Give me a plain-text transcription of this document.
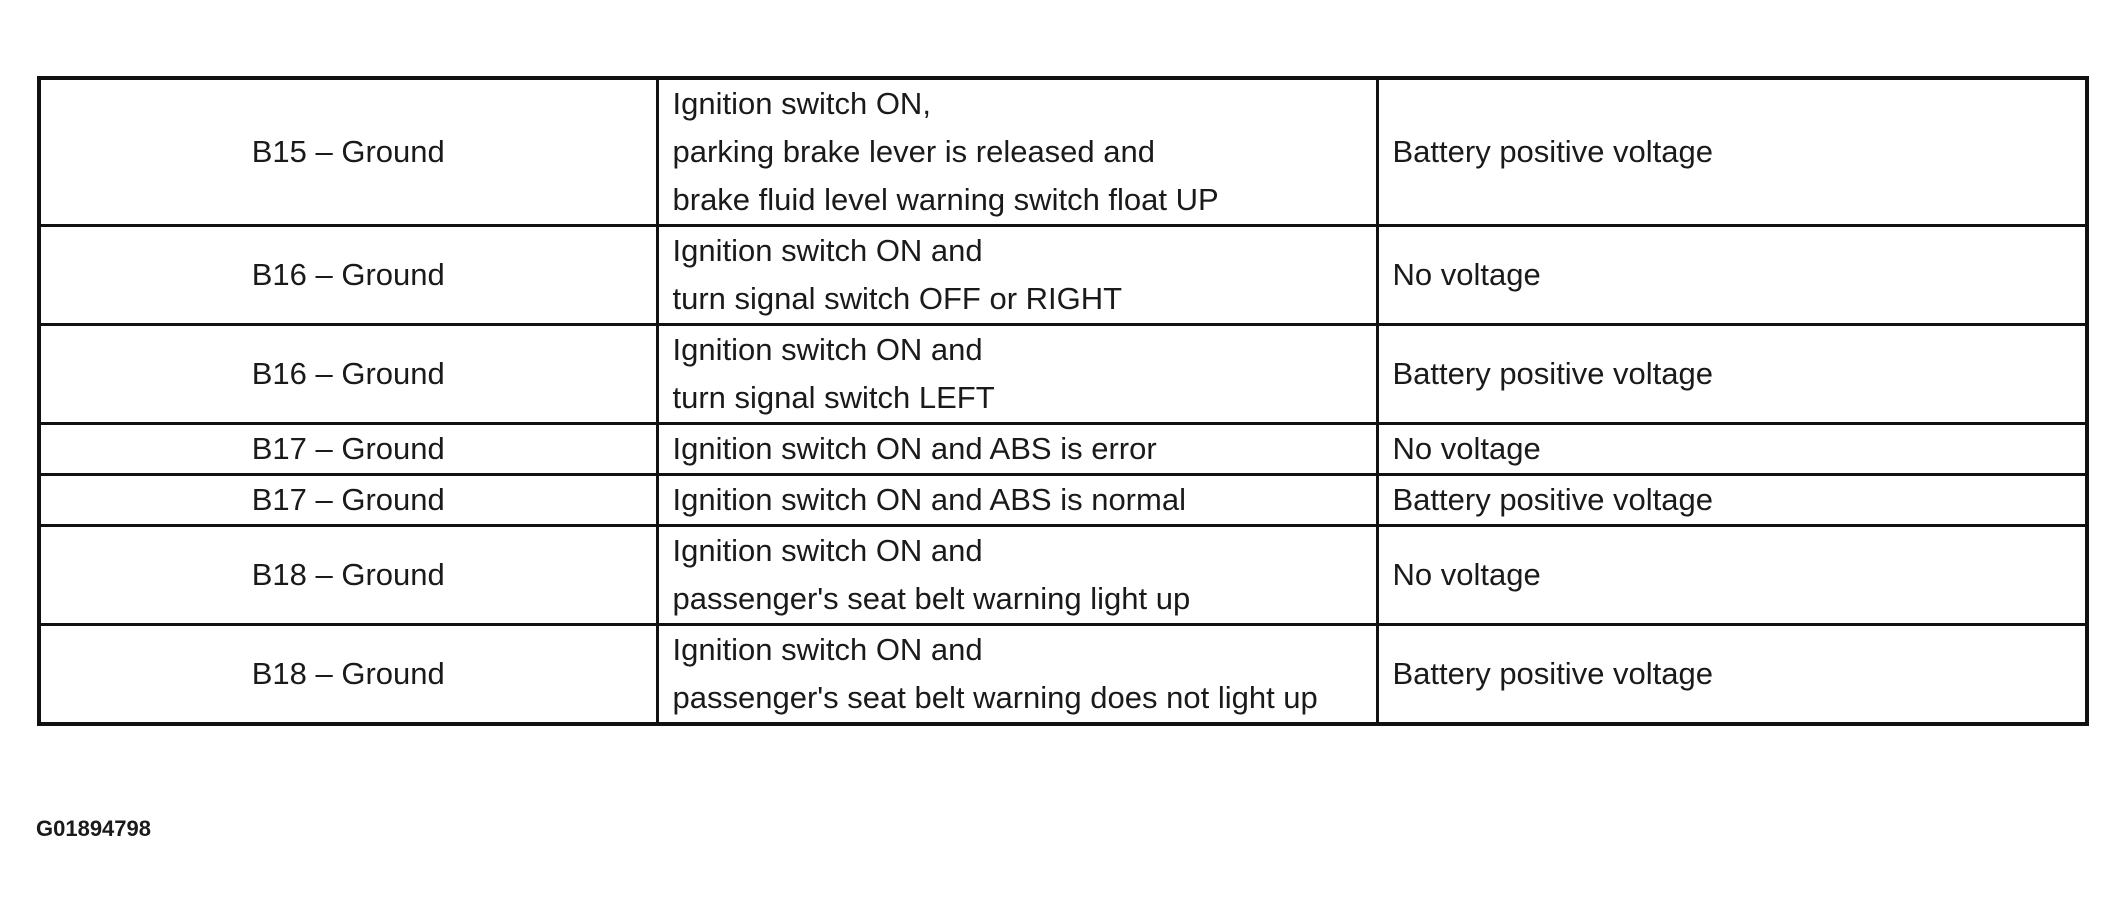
B15 – Ground	Ignition switch ON,
parking brake lever is released and
brake fluid level warning switch float UP	Battery positive voltage
B16 – Ground	Ignition switch ON and
turn signal switch OFF or RIGHT	No voltage
B16 – Ground	Ignition switch ON and
turn signal switch LEFT	Battery positive voltage
B17 – Ground	Ignition switch ON and ABS is error	No voltage
B17 – Ground	Ignition switch ON and ABS is normal	Battery positive voltage
B18 – Ground	Ignition switch ON and
passenger's seat belt warning light up	No voltage
B18 – Ground	Ignition switch ON and
passenger's seat belt warning does not light up	Battery positive voltage
G01894798
